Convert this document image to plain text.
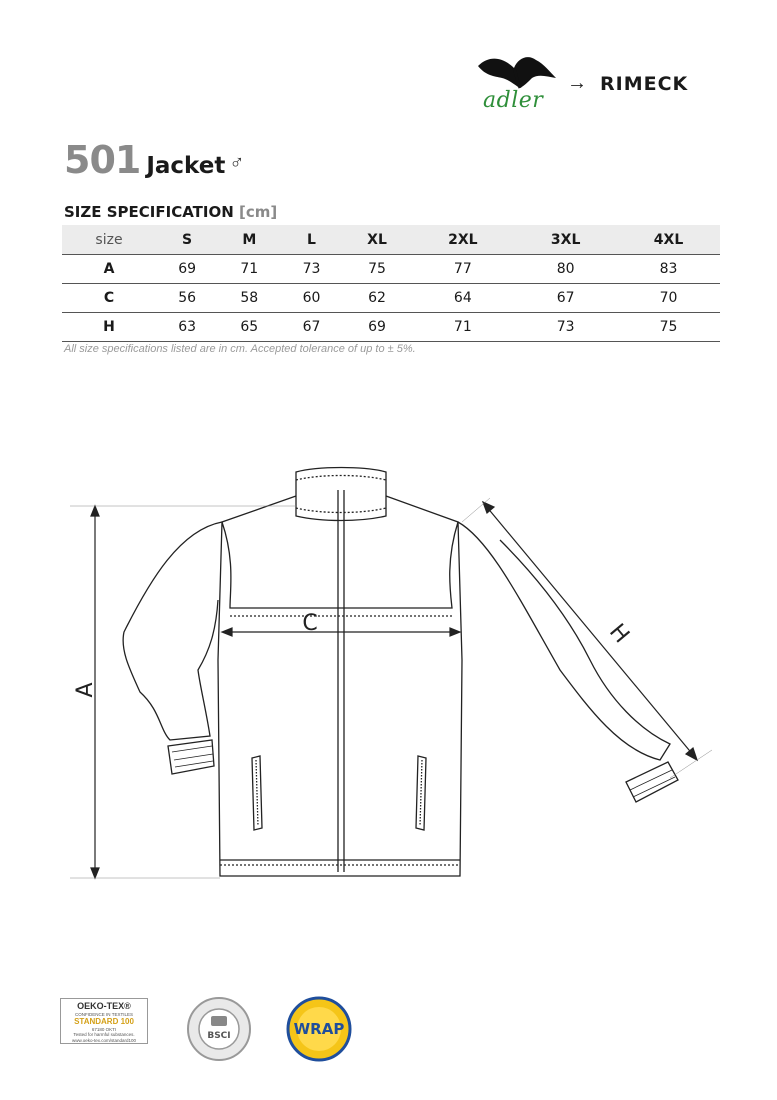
adler
→ RIMECK
501 Jacket ♂
SIZE SPECIFICATION [cm]
size	S	M	L	XL	2XL	3XL	4XL
A	69	71	73	75	77	80	83
C	56	58	60	62	64	67	70
H	63	65	67	69	71	73	75
All size specifications listed are in cm. Accepted tolerance of up to ± 5%.
A
C	H
OEKO-TEX®
CONFIDENCE IN TEXTILES
STANDARD 100
67180 OKTI
Tested for harmful substances.
www.oeko-tex.com/standard100	BSCI	WRAP
